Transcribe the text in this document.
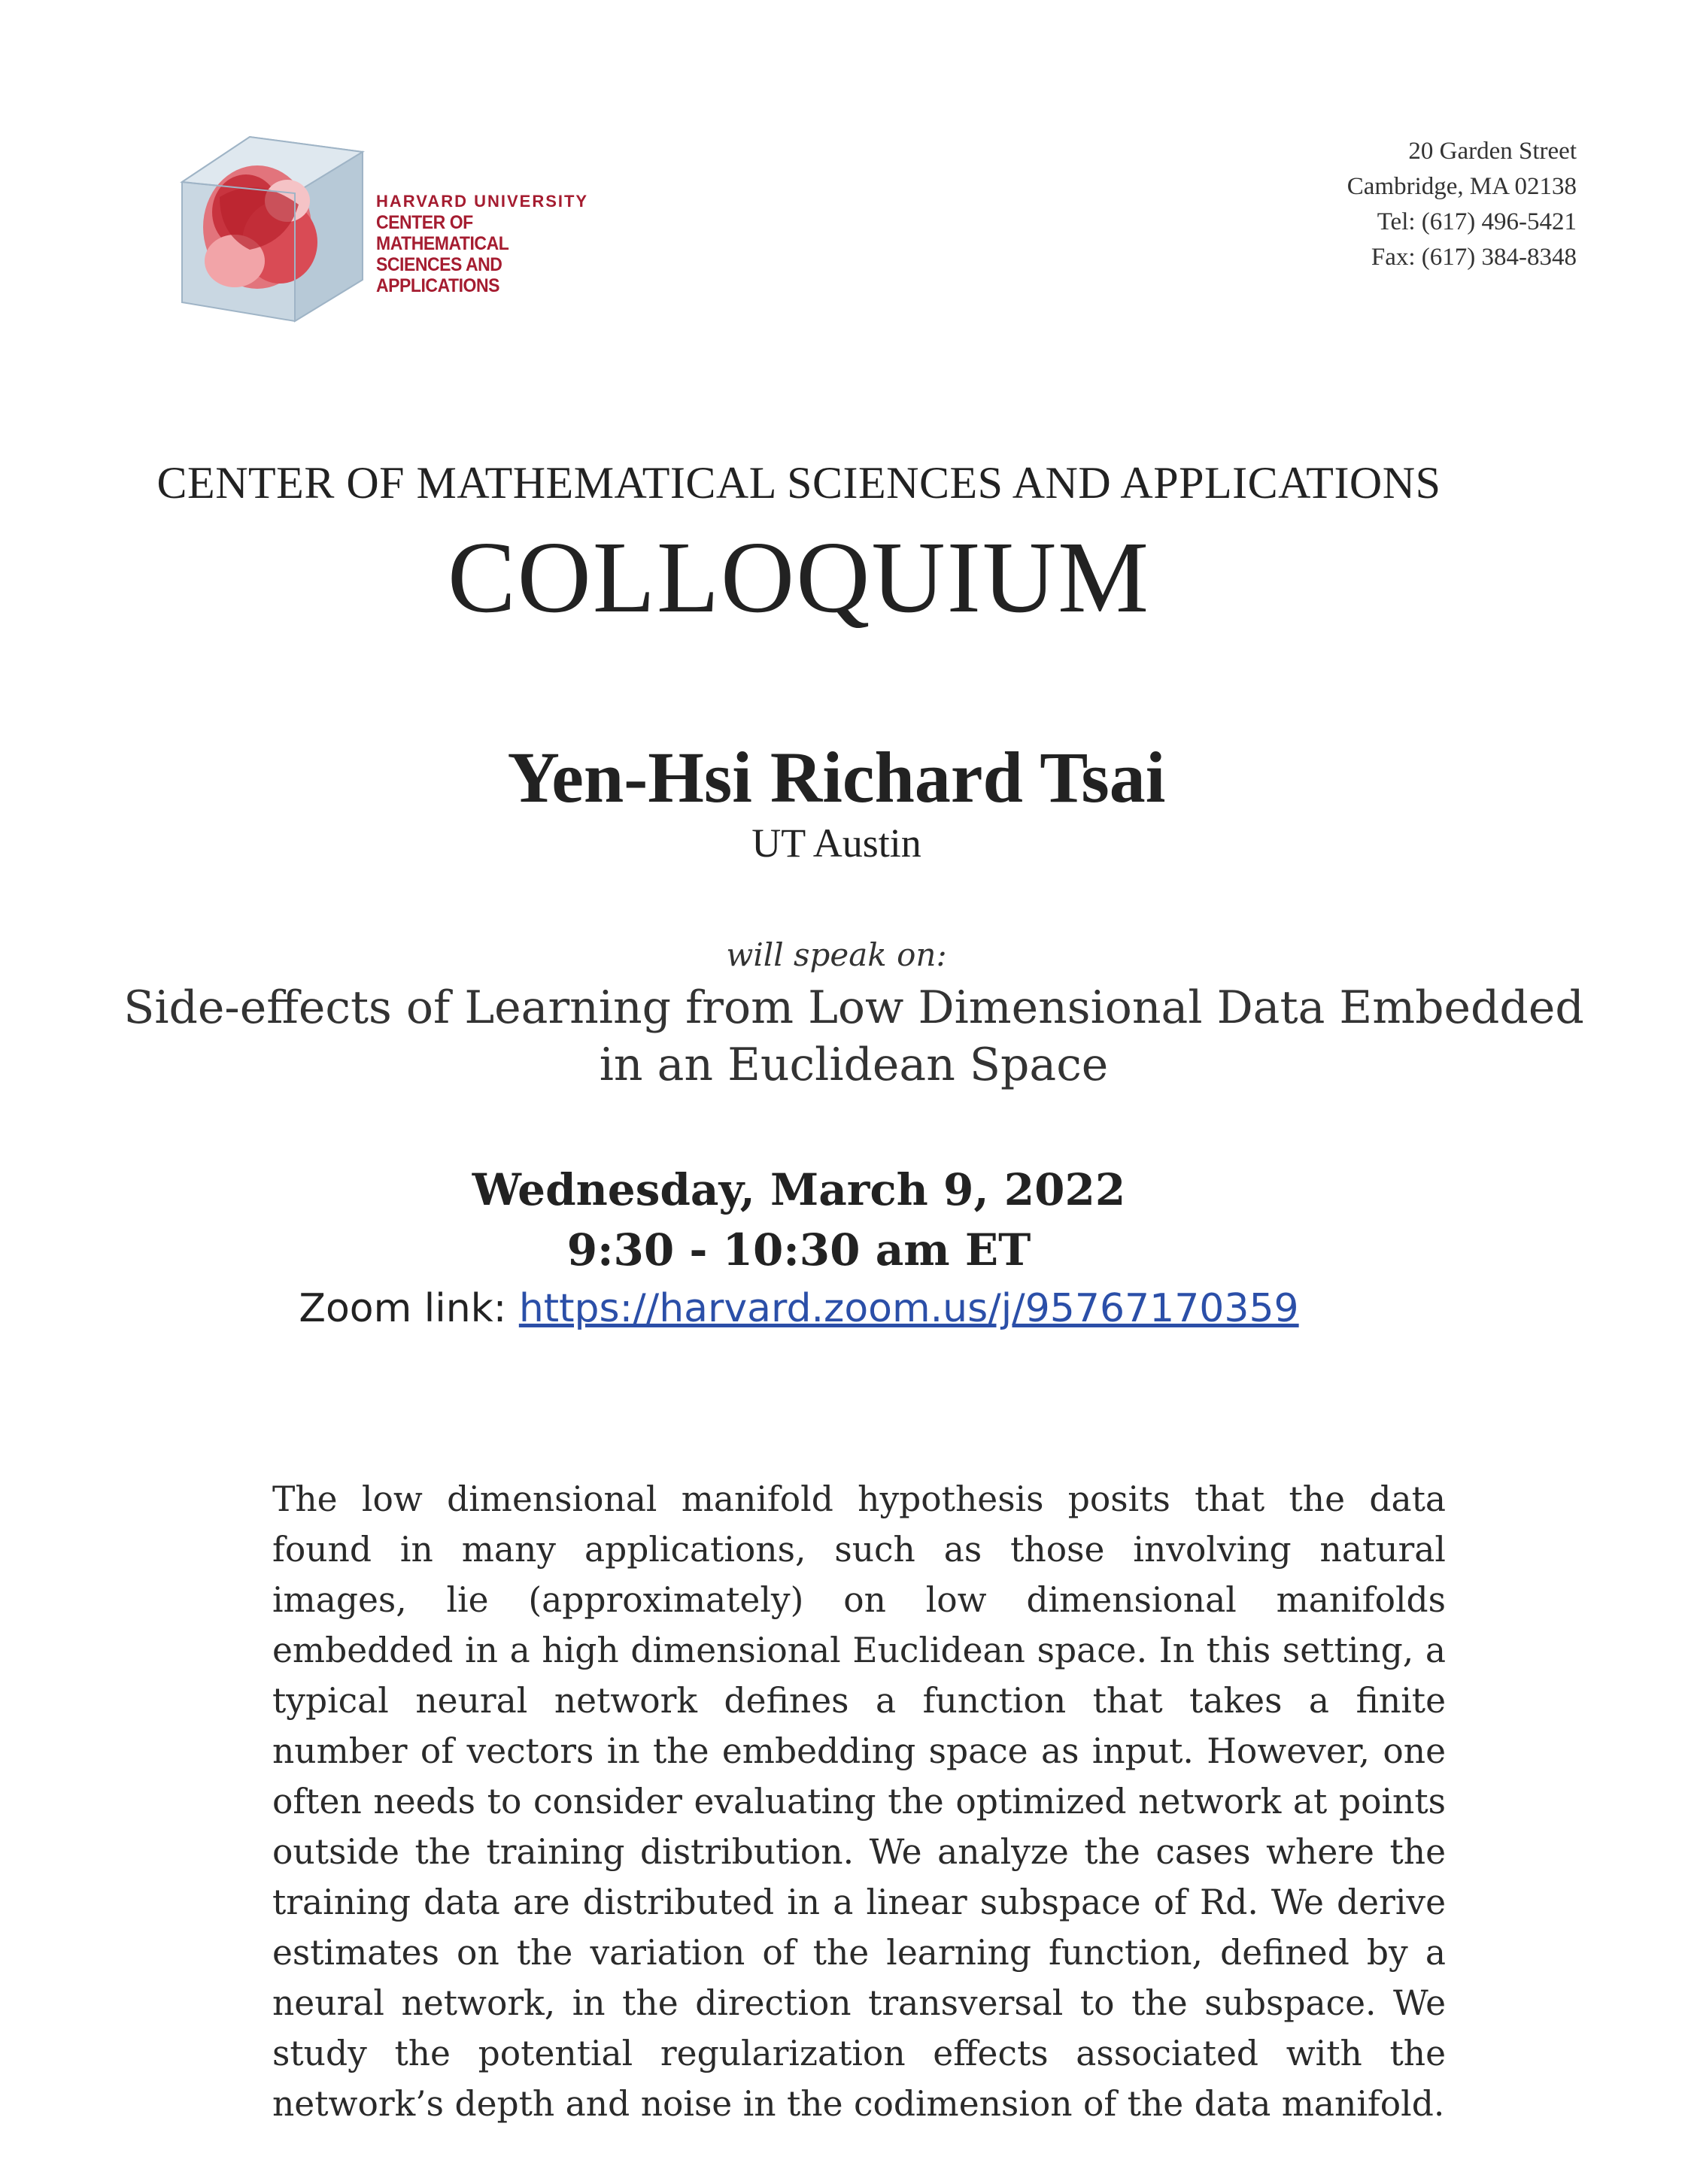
HARVARD UNIVERSITY
CENTER OF MATHEMATICAL
SCIENCES AND APPLICATIONS
20 Garden Street
Cambridge, MA 02138
Tel: (617) 496-5421
Fax: (617) 384-8348
CENTER OF MATHEMATICAL SCIENCES AND APPLICATIONS
COLLOQUIUM
Yen-Hsi Richard Tsai
UT Austin
will speak on:
Side-effects of Learning from Low Dimensional Data Embedded in an Euclidean Space
Wednesday, March 9, 2022
9:30 - 10:30 am ET
Zoom link: https://harvard.zoom.us/j/95767170359
The low dimensional manifold hypothesis posits that the data found in many applications, such as those involving natural images, lie (approximately) on low dimensional manifolds embedded in a high dimensional Euclidean space. In this setting, a typical neural network defines a function that takes a finite number of vectors in the embedding space as input. However, one often needs to consider evaluating the optimized network at points outside the training distribution. We analyze the cases where the training data are distributed in a linear subspace of Rd. We derive estimates on the variation of the learning function, defined by a neural network, in the direction transversal to the subspace. We study the potential regularization effects associated with the network’s depth and noise in the codimension of the data manifold.
